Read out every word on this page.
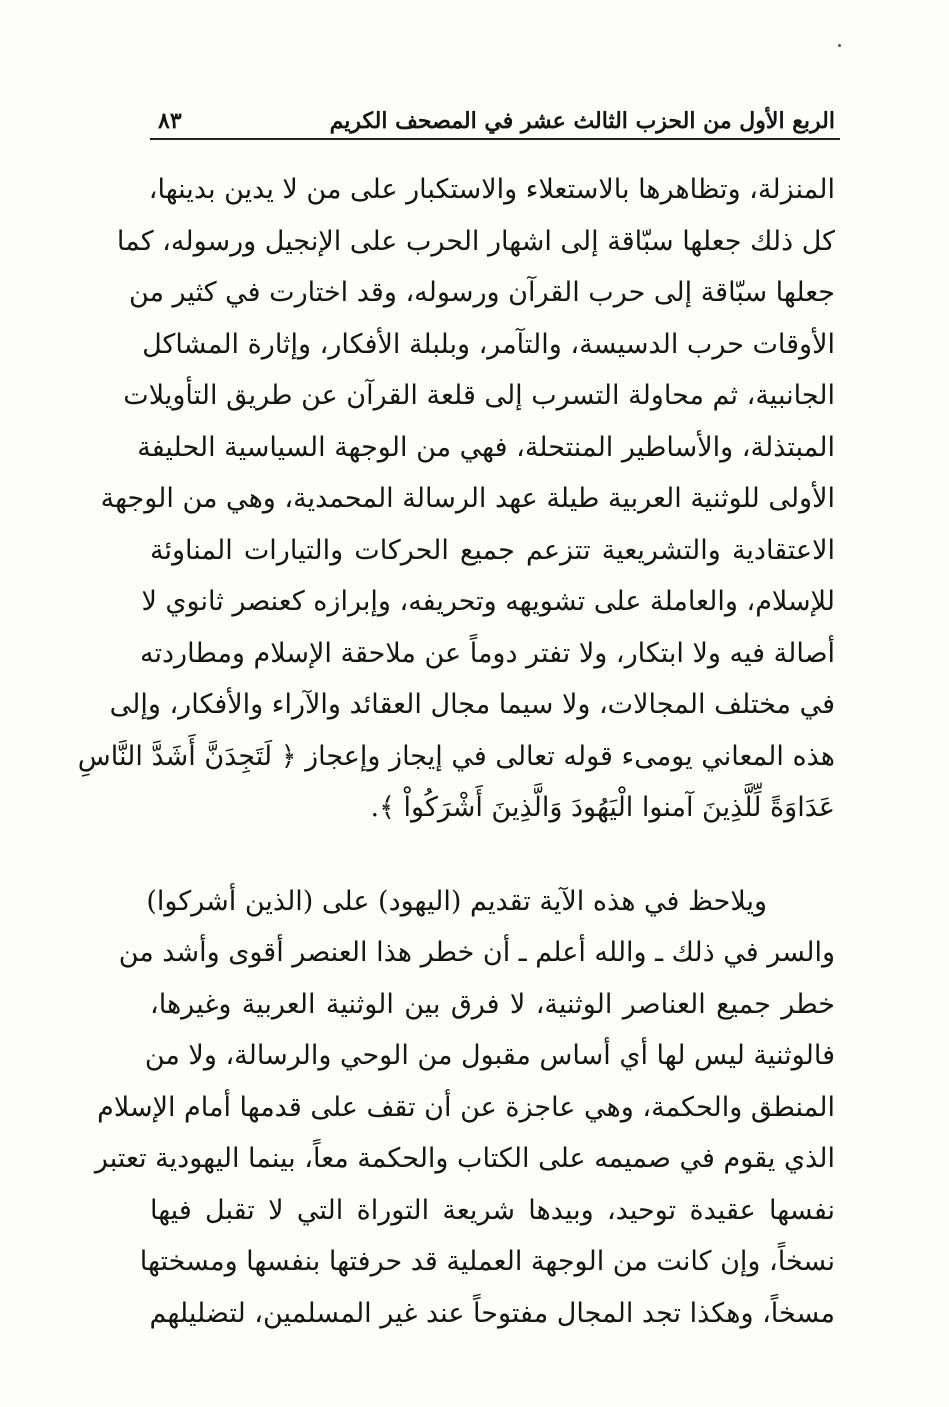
الربع الأول من الحزب الثالث عشر في المصحف الكريم
٨٣

المنزلة، وتظاهرها بالاستعلاء والاستكبار على من لا يدين بدينها،
كل ذلك جعلها سبّاقة إلى اشهار الحرب على الإنجيل ورسوله، كما
جعلها سبّاقة إلى حرب القرآن ورسوله، وقد اختارت في كثير من
الأوقات حرب الدسيسة، والتآمر، وبلبلة الأفكار، وإثارة المشاكل
الجانبية، ثم محاولة التسرب إلى قلعة القرآن عن طريق التأويلات
المبتذلة، والأساطير المنتحلة، فهي من الوجهة السياسية الحليفة
الأولى للوثنية العربية طيلة عهد الرسالة المحمدية، وهي من الوجهة
الاعتقادية والتشريعية تتزعم جميع الحركات والتيارات المناوئة
للإسلام، والعاملة على تشويهه وتحريفه، وإبرازه كعنصر ثانوي لا
أصالة فيه ولا ابتكار، ولا تفتر دوماً عن ملاحقة الإسلام ومطاردته
في مختلف المجالات، ولا سيما مجال العقائد والآراء والأفكار، وإلى
هذه المعاني يومىء قوله تعالى في إيجاز وإعجاز ﴿ لَتَجِدَنَّ أَشَدَّ النَّاسِ
عَدَاوَةً لِّلَّذِينَ آمنوا الْيَهُودَ وَالَّذِينَ أَشْرَكُواْ ﴾.

ويلاحظ في هذه الآية تقديم (اليهود) على (الذين أشركوا)
والسر في ذلك ـ والله أعلم ـ أن خطر هذا العنصر أقوى وأشد من
خطر جميع العناصر الوثنية، لا فرق بين الوثنية العربية وغيرها،
فالوثنية ليس لها أي أساس مقبول من الوحي والرسالة، ولا من
المنطق والحكمة، وهي عاجزة عن أن تقف على قدمها أمام الإسلام
الذي يقوم في صميمه على الكتاب والحكمة معاً، بينما اليهودية تعتبر
نفسها عقيدة توحيد، وبيدها شريعة التوراة التي لا تقبل فيها
نسخاً، وإن كانت من الوجهة العملية قد حرفتها بنفسها ومسختها
مسخاً، وهكذا تجد المجال مفتوحاً عند غير المسلمين، لتضليلهم
